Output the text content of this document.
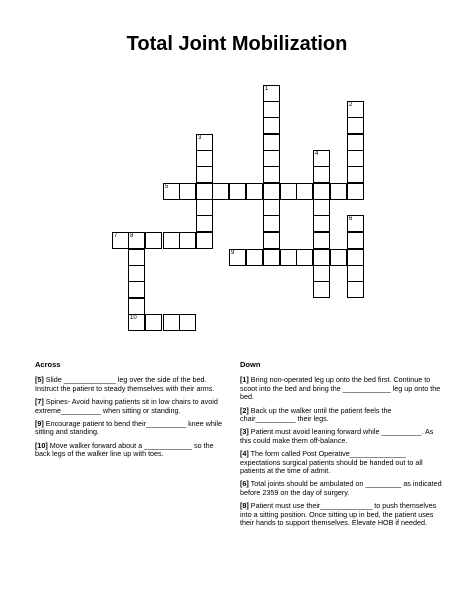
Total Joint Mobilization
1
2
3
4
5
6
7 8
9
10
Across
[5] Slide _____________ leg over the side of the bed. Instruct the patient to steady themselves with their arms.
[7] Spines- Avoid having patients sit in low chairs to avoid extreme__________ when sitting or standing.
[9] Encourage patient to bend their__________ knee while sitting and standing.
[10] Move walker forward about a ____________ so the back legs of the walker line up with toes.
Down
[1] Bring non-operated leg up onto the bed first. Continue to scoot into the bed and bring the ____________ leg up onto the bed.
[2] Back up the walker until the patient feels the chair__________ their legs.
[3] Patient must avoid leaning forward while __________. As this could make them off-balance.
[4] The form called Post Operative______________ expectations surgical patients should be handed out to all patients at the time of admit.
[6] Total joints should be ambulated on _________ as indicated before 2359 on the day of surgery.
[8] Patient must use their_____________ to push themselves into a sitting position. Once sitting up in bed, the patient uses their hands to support themselves. Elevate HOB if needed.
